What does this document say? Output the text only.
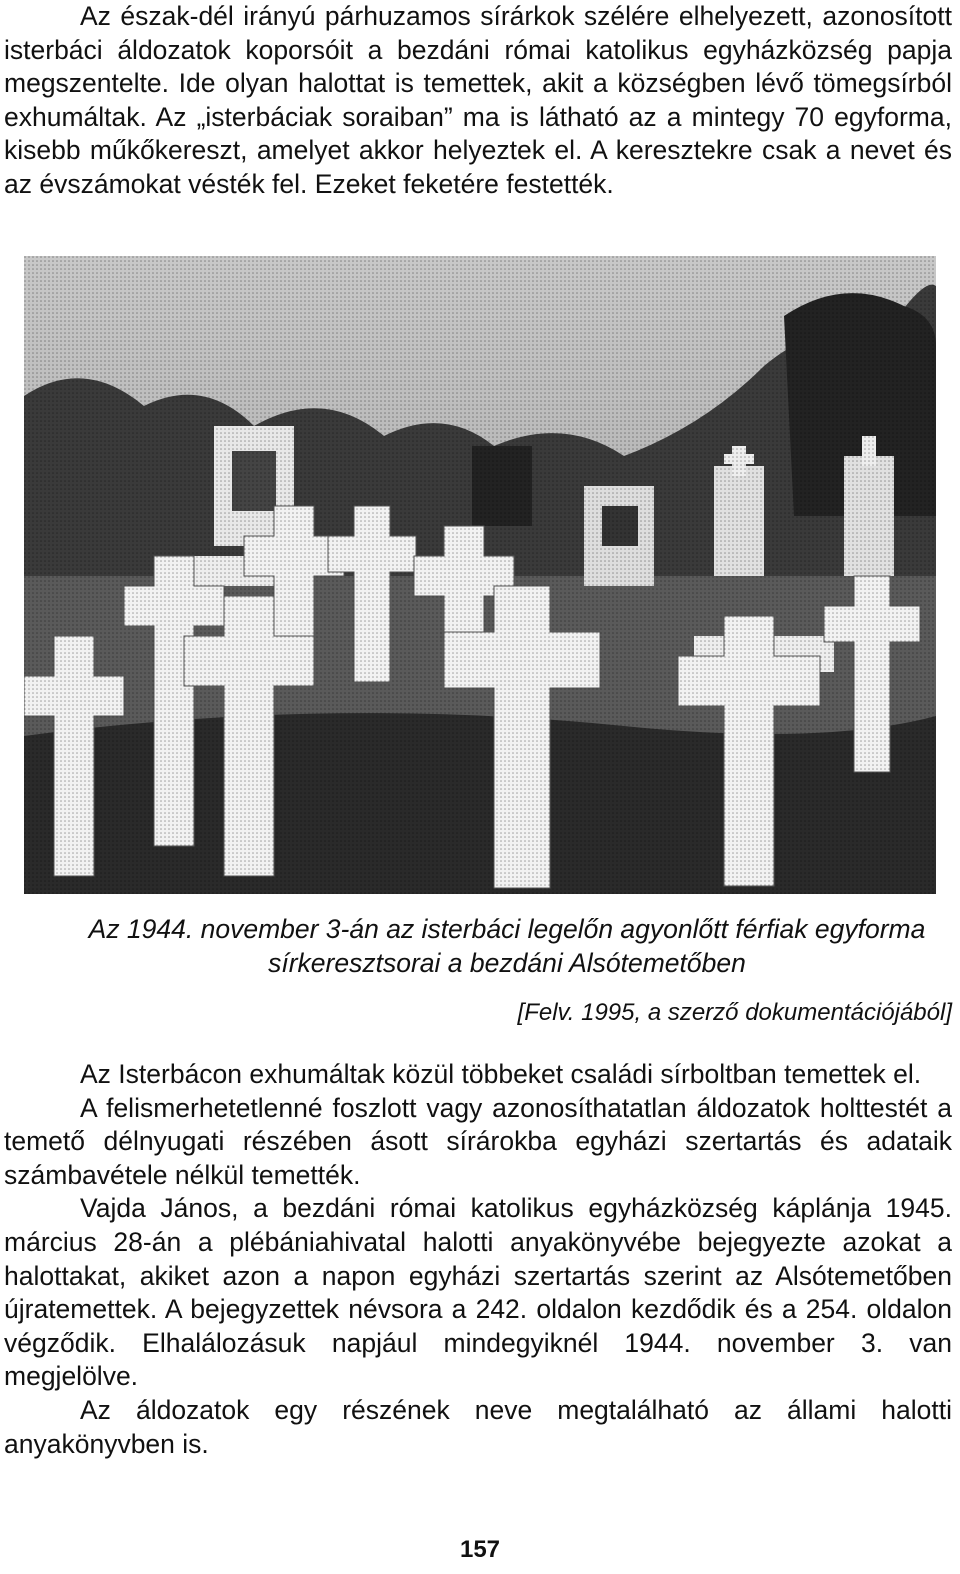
Az észak-dél irányú párhuzamos sírárkok szélére elhelyezett, azonosított isterbáci áldozatok koporsóit a bezdáni római katolikus egyházközség papja megszentelte. Ide olyan halottat is temettek, akit a községben lévő tömegsírból exhumáltak. Az „isterbáciak soraiban” ma is látható az a mintegy 70 egyforma, kisebb műkőkereszt, amelyet akkor helyeztek el. A keresztekre csak a nevet és az évszámokat vésték fel. Ezeket feketére festették.

Az 1944. november 3-án az isterbáci legelőn agyonlőtt férfiak egyforma

sírkeresztsorai a bezdáni Alsótemetőben

[Felv. 1995, a szerző dokumentációjából]

Az Isterbácon exhumáltak közül többeket családi sírboltban temettek el.

A felismerhetetlenné foszlott vagy azonosíthatatlan áldozatok holttestét a temető délnyugati részében ásott sírárokba egyházi szertartás és adataik számbavétele nélkül temették.

Vajda János, a bezdáni római katolikus egyházközség káplánja 1945. március 28-án a plébániahivatal halotti anyakönyvébe bejegyezte azokat a halottakat, akiket azon a napon egyházi szertartás szerint az Alsótemetőben újratemettek. A bejegyzettek névsora a 242. oldalon kezdődik és a 254. oldalon végződik. Elhalálozásuk napjául mindegyiknél 1944. november 3. van megjelölve.

Az áldozatok egy részének neve megtalálható az állami halotti anyakönyvben is.

157
